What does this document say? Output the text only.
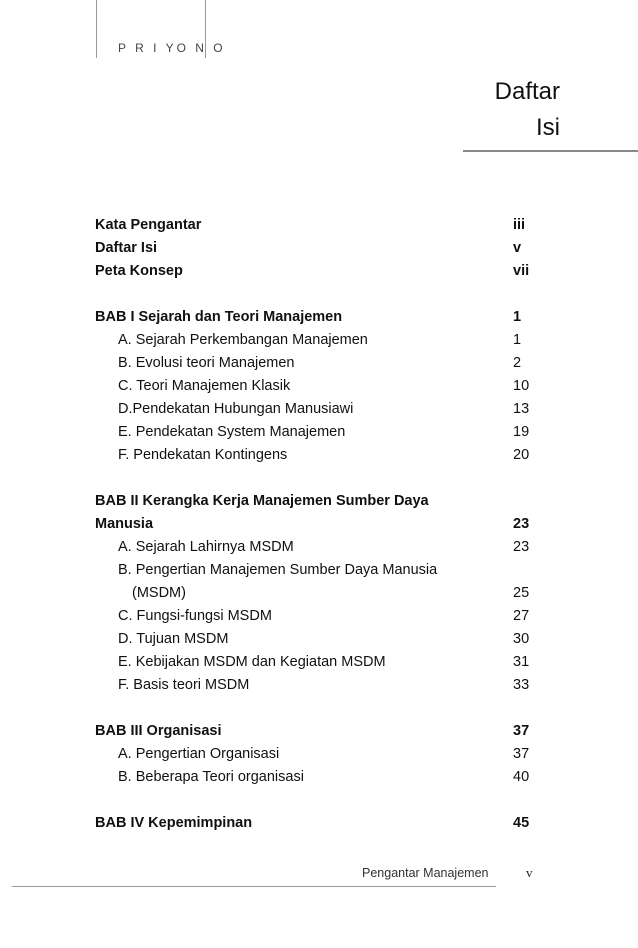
P R I YO N O
Daftar
Isi
Kata Pengantar	iii
Daftar Isi	v
Peta Konsep	vii
BAB I Sejarah dan Teori Manajemen	1
A. Sejarah Perkembangan Manajemen	1
B. Evolusi teori Manajemen	2
C. Teori Manajemen Klasik	10
D.Pendekatan Hubungan Manusiawi	13
E. Pendekatan System Manajemen	19
F. Pendekatan Kontingens	20
BAB II Kerangka Kerja Manajemen Sumber Daya
Manusia	23
A. Sejarah Lahirnya MSDM	23
B. Pengertian Manajemen Sumber Daya Manusia
(MSDM)	25
C. Fungsi-fungsi MSDM	27
D. Tujuan MSDM	30
E. Kebijakan MSDM dan Kegiatan MSDM	31
F. Basis teori MSDM	33
BAB III Organisasi	37
A. Pengertian Organisasi	37
B. Beberapa Teori organisasi	40
BAB IV Kepemimpinan	45
Pengantar Manajemen	v
